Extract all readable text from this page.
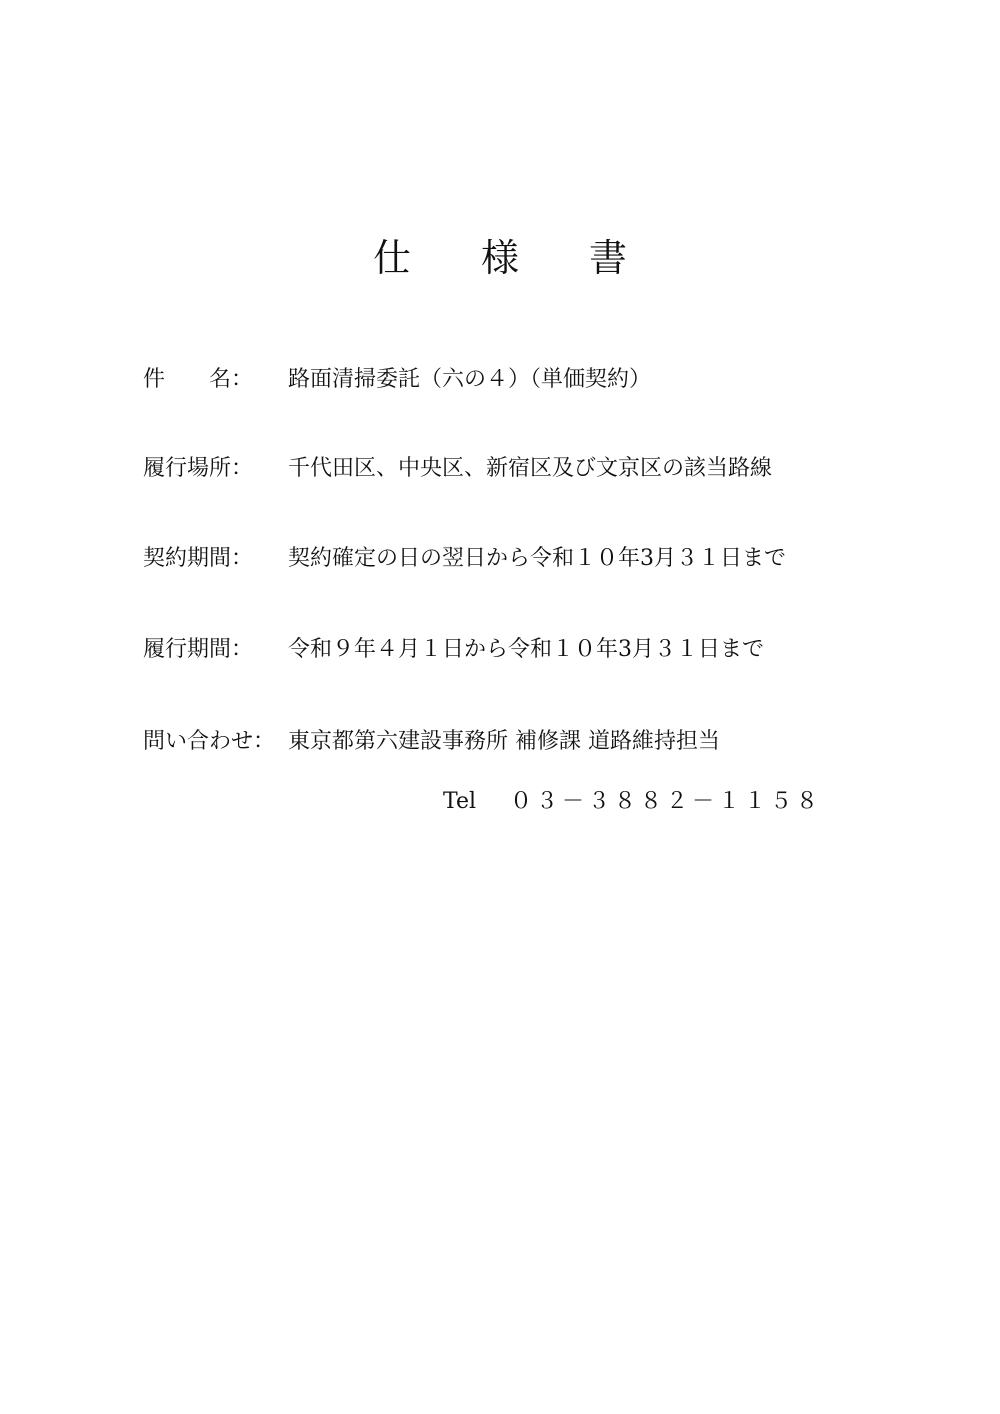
仕 様 書
件　　名： 路面清掃委託（六の４）（単価契約）
履行場所： 千代田区、中央区、新宿区及び文京区の該当路線
契約期間： 契約確定の日の翌日から令和１０年3月３１日まで
履行期間： 令和９年４月１日から令和１０年3月３１日まで
問い合わせ： 東京都第六建設事務所 補修課 道路維持担当
Tel ０３－３８８２－１１５８
